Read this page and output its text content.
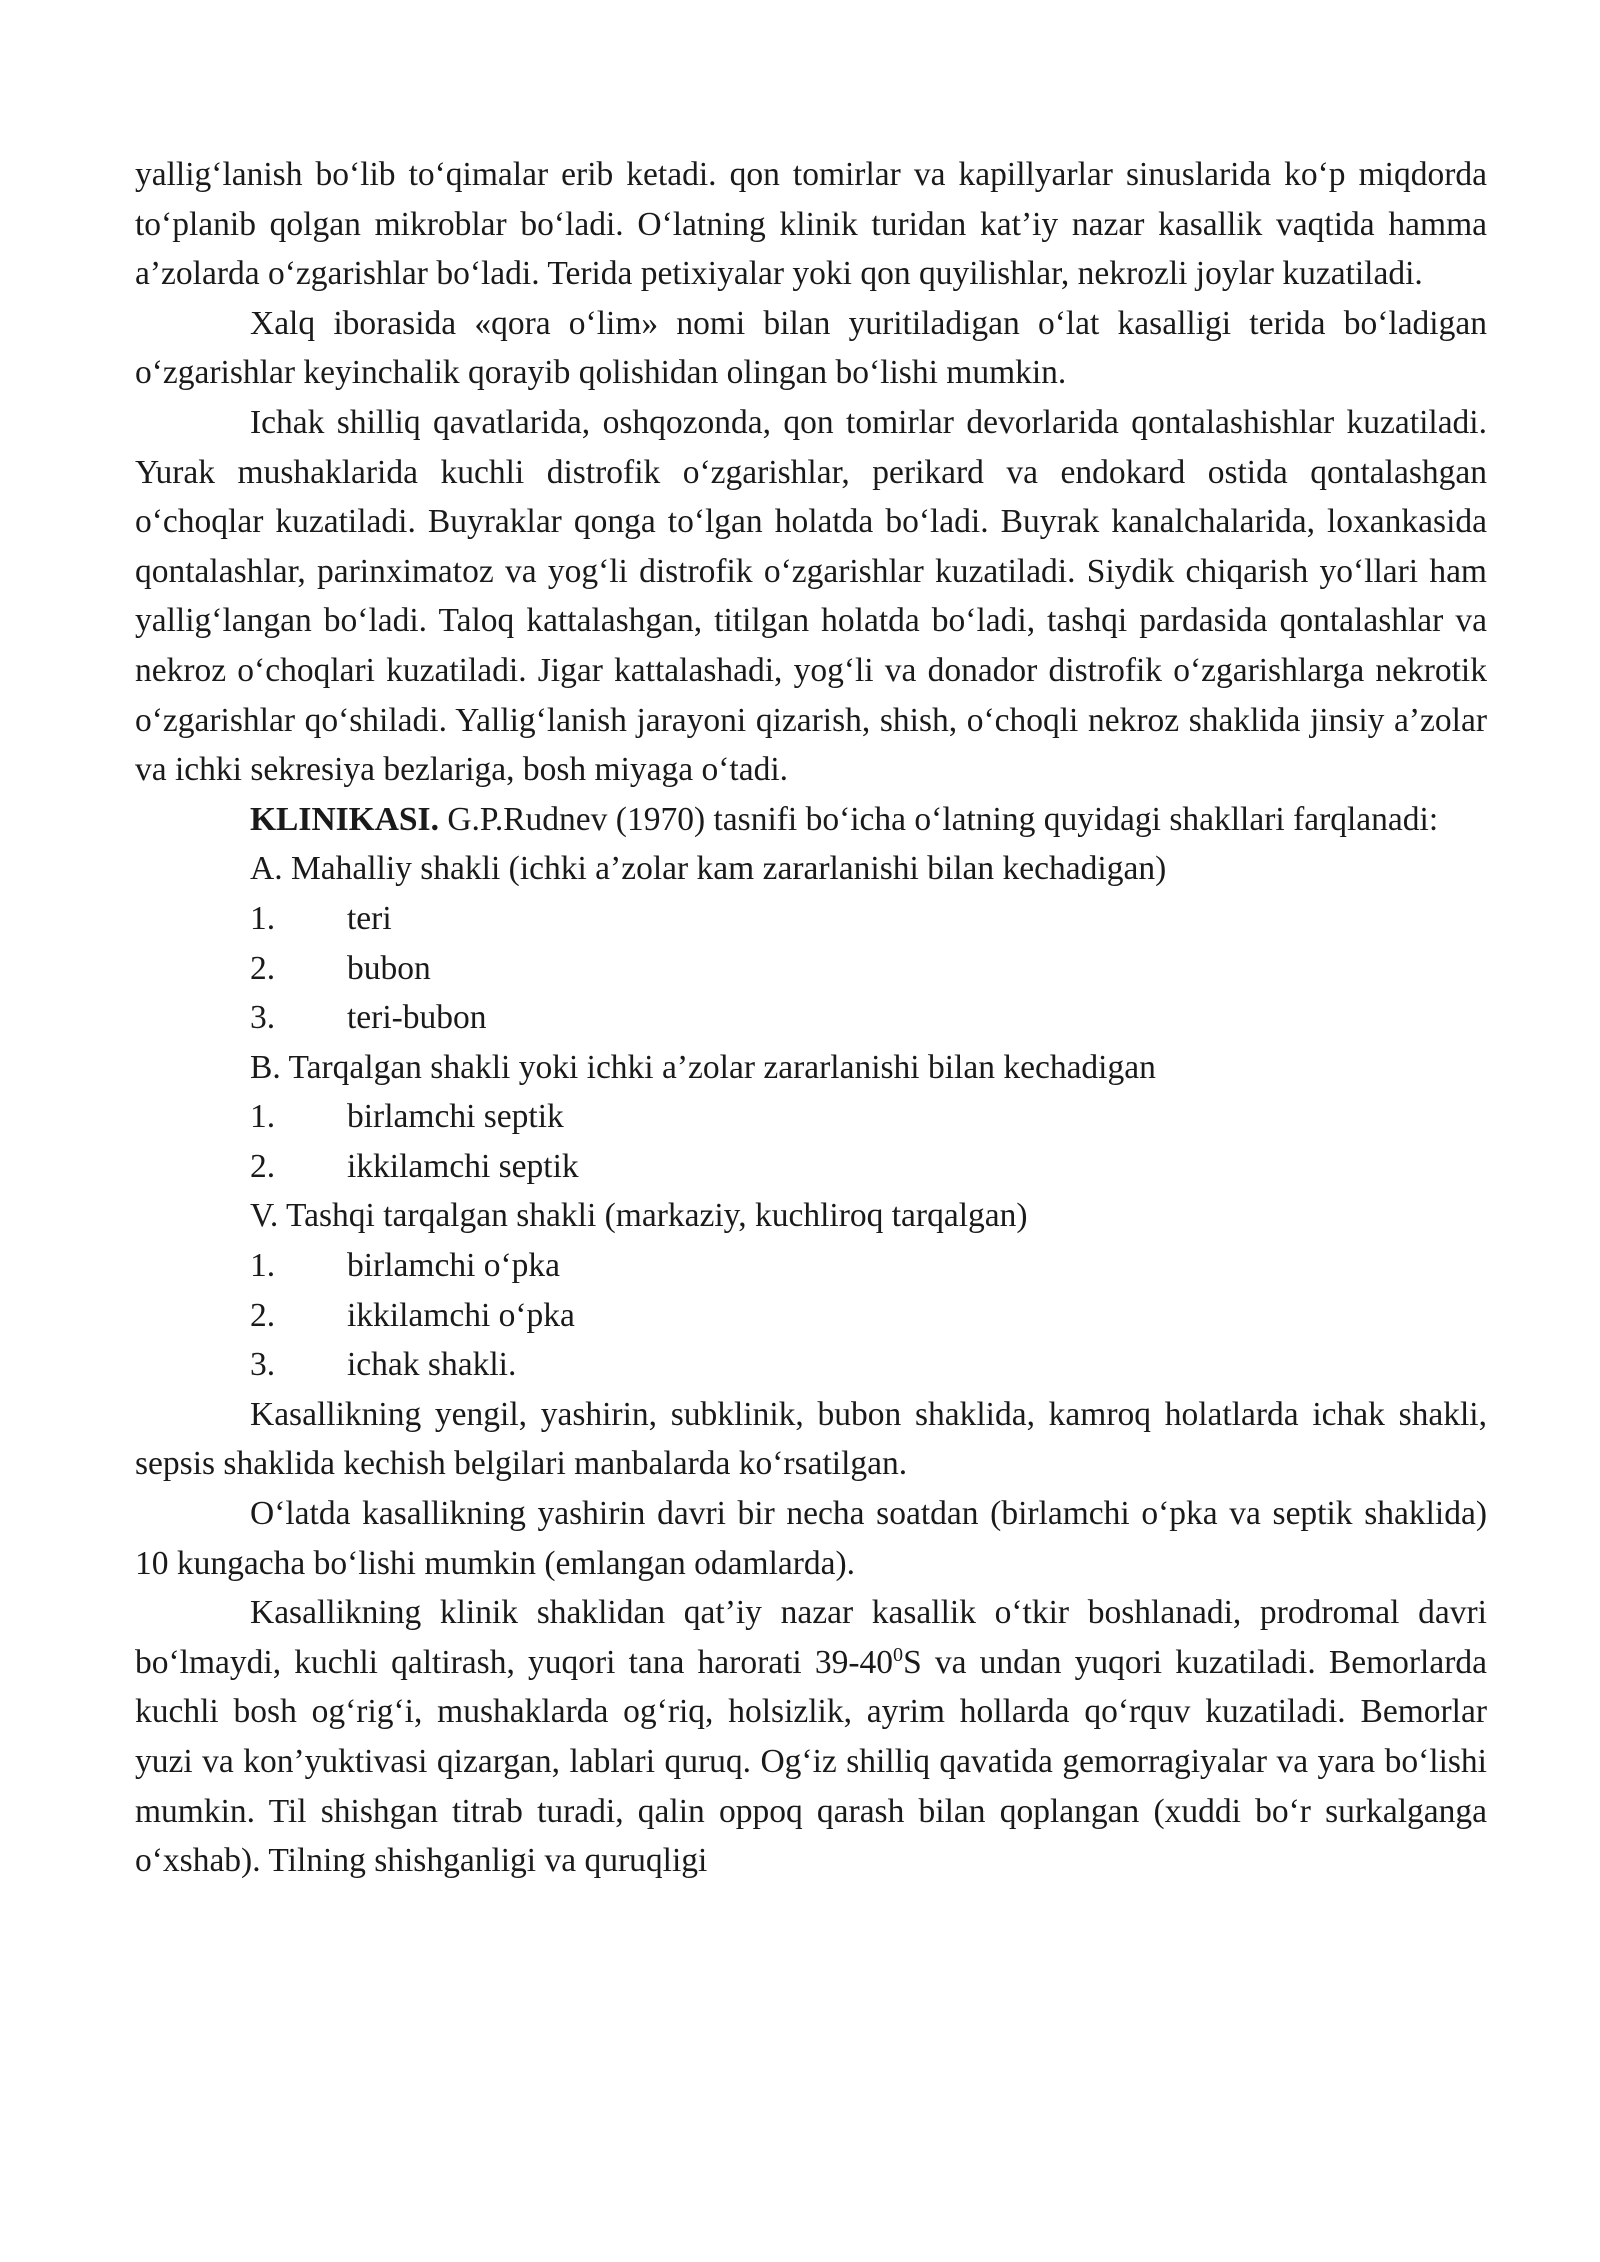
yallig‘lanish bo‘lib to‘qimalar erib ketadi. qon tomirlar va kapillyarlar sinuslarida ko‘p miqdorda to‘planib qolgan mikroblar bo‘ladi. O‘latning klinik turidan kat’iy nazar kasallik vaqtida hamma a’zolarda o‘zgarishlar bo‘ladi. Terida petixiyalar yoki qon quyilishlar, nekrozli joylar kuzatiladi.

Xalq iborasida «qora o‘lim» nomi bilan yuritiladigan o‘lat kasalligi terida bo‘ladigan o‘zgarishlar keyinchalik qorayib qolishidan olingan bo‘lishi mumkin.

Ichak shilliq qavatlarida, oshqozonda, qon tomirlar devorlarida qontalashishlar kuzatiladi. Yurak mushaklarida kuchli distrofik o‘zgarishlar, perikard va endokard ostida qontalashgan o‘choqlar kuzatiladi. Buyraklar qonga to‘lgan holatda bo‘ladi. Buyrak kanalchalarida, loxankasida qontalashlar, parinximatoz va yog‘li distrofik o‘zgarishlar kuzatiladi. Siydik chiqarish yo‘llari ham yallig‘langan bo‘ladi. Taloq kattalashgan, titilgan holatda bo‘ladi, tashqi pardasida qontalashlar va nekroz o‘choqlari kuzatiladi. Jigar kattalashadi, yog‘li va donador distrofik o‘zgarishlarga nekrotik o‘zgarishlar qo‘shiladi. Yallig‘lanish jarayoni qizarish, shish, o‘choqli nekroz shaklida jinsiy a’zolar va ichki sekresiya bezlariga, bosh miyaga o‘tadi.

KLINIKASI. G.P.Rudnev (1970) tasnifi bo‘icha o‘latning quyidagi shakllari farqlanadi:

A. Mahalliy shakli (ichki a’zolar kam zararlanishi bilan kechadigan)

1. teri
2. bubon
3. teri-bubon

B. Tarqalgan shakli yoki ichki a’zolar zararlanishi bilan kechadigan

1. birlamchi septik
2. ikkilamchi septik

V. Tashqi tarqalgan shakli (markaziy, kuchliroq tarqalgan)

1. birlamchi o‘pka
2. ikkilamchi o‘pka
3. ichak shakli.

Kasallikning yengil, yashirin, subklinik, bubon shaklida, kamroq holatlarda ichak shakli, sepsis shaklida kechish belgilari manbalarda ko‘rsatilgan.

O‘latda kasallikning yashirin davri bir necha soatdan (birlamchi o‘pka va septik shaklida) 10 kungacha bo‘lishi mumkin (emlangan odamlarda).

Kasallikning klinik shaklidan qat’iy nazar kasallik o‘tkir boshlanadi, prodromal davri bo‘lmaydi, kuchli qaltirash, yuqori tana harorati $39-40^0S$ va undan yuqori kuzatiladi. Bemorlarda kuchli bosh og‘rig‘i, mushaklarda og‘riq, holsizlik, ayrim hollarda qo‘rquv kuzatiladi. Bemorlar yuzi va kon’yuktivasi qizargan, lablari quruq. Og‘iz shilliq qavatida gemorragiyalar va yara bo‘lishi mumkin. Til shishgan titrab turadi, qalin oppoq qarash bilan qoplangan (xuddi bo‘r surkalganga o‘xshab). Tilning shishganligi va quruqligi
